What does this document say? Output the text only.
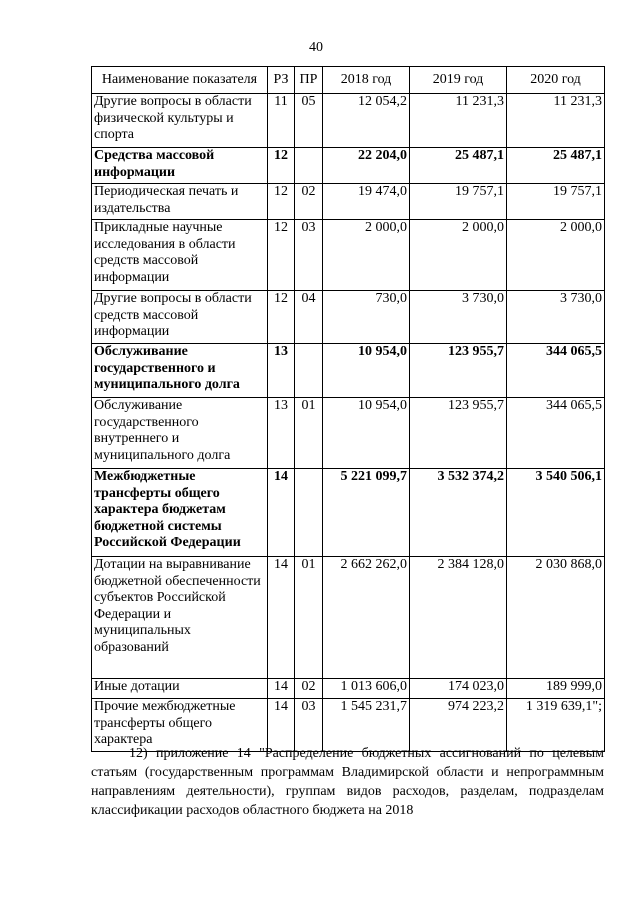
40
Наименование показателя	РЗ	ПР	2018 год	2019 год	2020 год
Другие вопросы в области физической культуры и спорта	11	05	12 054,2	11 231,3	11 231,3
Средства массовой информации	12		22 204,0	25 487,1	25 487,1
Периодическая печать и издательства	12	02	19 474,0	19 757,1	19 757,1
Прикладные научные исследования в области средств массовой информации	12	03	2 000,0	2 000,0	2 000,0
Другие вопросы в области средств массовой информации	12	04	730,0	3 730,0	3 730,0
Обслуживание государственного и муниципального долга	13		10 954,0	123 955,7	344 065,5
Обслуживание государственного внутреннего и муниципального долга	13	01	10 954,0	123 955,7	344 065,5
Межбюджетные трансферты общего характера бюджетам бюджетной системы Российской Федерации	14		5 221 099,7	3 532 374,2	3 540 506,1
Дотации на выравнивание бюджетной обеспеченности субъектов Российской Федерации и муниципальных образований	14	01	2 662 262,0	2 384 128,0	2 030 868,0
Иные дотации	14	02	1 013 606,0	174 023,0	189 999,0
Прочие межбюджетные трансферты общего характера	14	03	1 545 231,7	974 223,2	1 319 639,1";

12) приложение 14 "Распределение бюджетных ассигнований по целевым статьям (государственным программам Владимирской области и непрограммным направлениям деятельности), группам видов расходов, разделам, подразделам классификации расходов областного бюджета на 2018
